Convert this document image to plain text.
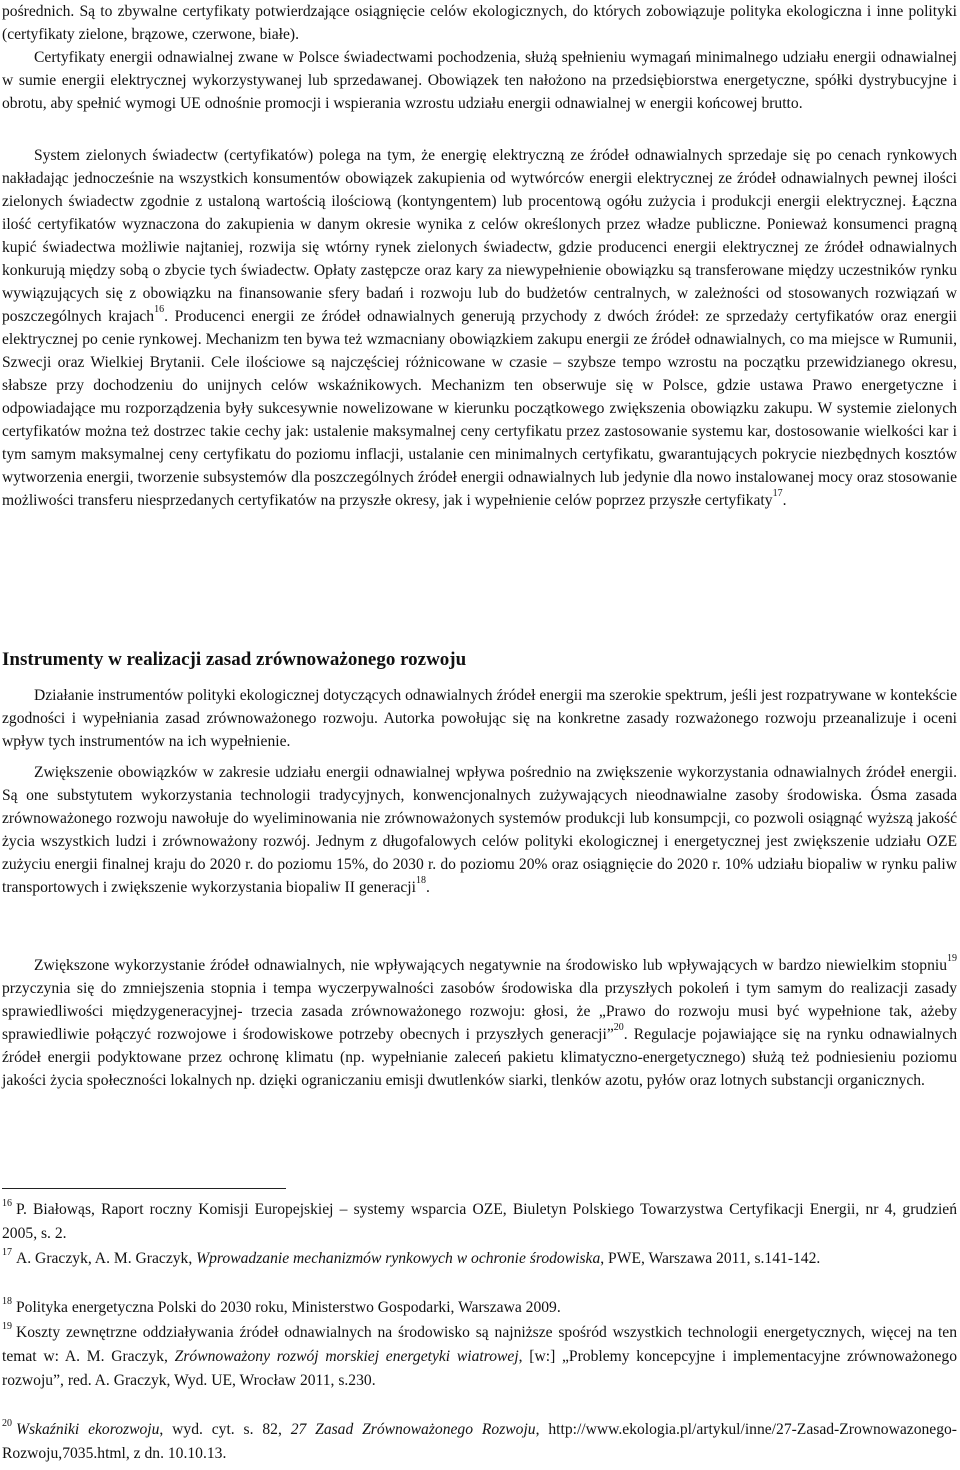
pośrednich. Są to zbywalne certyfikaty potwierdzające osiągnięcie celów ekologicznych, do których zobowiązuje polityka ekologiczna i inne polityki (certyfikaty zielone, brązowe, czerwone, białe).

Certyfikaty energii odnawialnej zwane w Polsce świadectwami pochodzenia, służą spełnieniu wymagań minimalnego udziału energii odnawialnej w sumie energii elektrycznej wykorzystywanej lub sprzedawanej. Obowiązek ten nałożono na przedsiębiorstwa energetyczne, spółki dystrybucyjne i obrotu, aby spełnić wymogi UE odnośnie promocji i wspierania wzrostu udziału energii odnawialnej w energii końcowej brutto.

System zielonych świadectw (certyfikatów) polega na tym, że energię elektryczną ze źródeł odnawialnych sprzedaje się po cenach rynkowych nakładając jednocześnie na wszystkich konsumentów obowiązek zakupienia od wytwórców energii elektrycznej ze źródeł odnawialnych pewnej ilości zielonych świadectw zgodnie z ustaloną wartością ilościową (kontyngentem) lub procentową ogółu zużycia i produkcji energii elektrycznej. Łączna ilość certyfikatów wyznaczona do zakupienia w danym okresie wynika z celów określonych przez władze publiczne. Ponieważ konsumenci pragną kupić świadectwa możliwie najtaniej, rozwija się wtórny rynek zielonych świadectw, gdzie producenci energii elektrycznej ze źródeł odnawialnych konkurują między sobą o zbycie tych świadectw. Opłaty zastępcze oraz kary za niewypełnienie obowiązku są transferowane między uczestników rynku wywiązujących się z obowiązku na finansowanie sfery badań i rozwoju lub do budżetów centralnych, w zależności od stosowanych rozwiązań w poszczególnych krajach$^{16}$. Producenci energii ze źródeł odnawialnych generują przychody z dwóch źródeł: ze sprzedaży certyfikatów oraz energii elektrycznej po cenie rynkowej. Mechanizm ten bywa też wzmacniany obowiązkiem zakupu energii ze źródeł odnawialnych, co ma miejsce w Rumunii, Szwecji oraz Wielkiej Brytanii. Cele ilościowe są najczęściej różnicowane w czasie – szybsze tempo wzrostu na początku przewidzianego okresu, słabsze przy dochodzeniu do unijnych celów wskaźnikowych. Mechanizm ten obserwuje się w Polsce, gdzie ustawa Prawo energetyczne i odpowiadające mu rozporządzenia były sukcesywnie nowelizowane w kierunku początkowego zwiększenia obowiązku zakupu. W systemie zielonych certyfikatów można też dostrzec takie cechy jak: ustalenie maksymalnej ceny certyfikatu przez zastosowanie systemu kar, dostosowanie wielkości kar i tym samym maksymalnej ceny certyfikatu do poziomu inflacji, ustalanie cen minimalnych certyfikatu, gwarantujących pokrycie niezbędnych kosztów wytworzenia energii, tworzenie subsystemów dla poszczególnych źródeł energii odnawialnych lub jedynie dla nowo instalowanej mocy oraz stosowanie możliwości transferu niesprzedanych certyfikatów na przyszłe okresy, jak i wypełnienie celów poprzez przyszłe certyfikaty$^{17}$.

Instrumenty w realizacji zasad zrównoważonego rozwoju

Działanie instrumentów polityki ekologicznej dotyczących odnawialnych źródeł energii ma szerokie spektrum, jeśli jest rozpatrywane w kontekście zgodności i wypełniania zasad zrównoważonego rozwoju. Autorka powołując się na konkretne zasady rozważonego rozwoju przeanalizuje i oceni wpływ tych instrumentów na ich wypełnienie.

Zwiększenie obowiązków w zakresie udziału energii odnawialnej wpływa pośrednio na zwiększenie wykorzystania odnawialnych źródeł energii. Są one substytutem wykorzystania technologii tradycyjnych, konwencjonalnych zużywających nieodnawialne zasoby środowiska. Ósma zasada zrównoważonego rozwoju nawołuje do wyeliminowania nie zrównoważonych systemów produkcji lub konsumpcji, co pozwoli osiągnąć wyższą jakość życia wszystkich ludzi i zrównoważony rozwój. Jednym z długofalowych celów polityki ekologicznej i energetycznej jest zwiększenie udziału OZE zużyciu energii finalnej kraju do 2020 r. do poziomu 15%, do 2030 r. do poziomu 20% oraz osiągnięcie do 2020 r. 10% udziału biopaliw w rynku paliw transportowych i zwiększenie wykorzystania biopaliw II generacji$^{18}$.

Zwiększone wykorzystanie źródeł odnawialnych, nie wpływających negatywnie na środowisko lub wpływających w bardzo niewielkim stopniu$^{19}$ przyczynia się do zmniejszenia stopnia i tempa wyczerpywalności zasobów środowiska dla przyszłych pokoleń i tym samym do realizacji zasady sprawiedliwości międzygeneracyjnej- trzecia zasada zrównoważonego rozwoju: głosi, że „Prawo do rozwoju musi być wypełnione tak, ażeby sprawiedliwie połączyć rozwojowe i środowiskowe potrzeby obecnych i przyszłych generacji”$^{20}$. Regulacje pojawiające się na rynku odnawialnych źródeł energii podyktowane przez ochronę klimatu (np. wypełnianie zaleceń pakietu klimatyczno-energetycznego) służą też podniesieniu poziomu jakości życia społeczności lokalnych np. dzięki ograniczaniu emisji dwutlenków siarki, tlenków azotu, pyłów oraz lotnych substancji organicznych.

$^{16}$ P. Białowąs, Raport roczny Komisji Europejskiej – systemy wsparcia OZE, Biuletyn Polskiego Towarzystwa Certyfikacji Energii, nr 4, grudzień 2005, s. 2.

$^{17}$ A. Graczyk, A. M. Graczyk, Wprowadzanie mechanizmów rynkowych w ochronie środowiska, PWE, Warszawa 2011, s.141-142.

$^{18}$ Polityka energetyczna Polski do 2030 roku, Ministerstwo Gospodarki, Warszawa 2009.

$^{19}$ Koszty zewnętrzne oddziaływania źródeł odnawialnych na środowisko są najniższe spośród wszystkich technologii energetycznych, więcej na ten temat w: A. M. Graczyk, Zrównoważony rozwój morskiej energetyki wiatrowej, [w:] „Problemy koncepcyjne i implementacyjne zrównoważonego rozwoju”, red. A. Graczyk, Wyd. UE, Wrocław 2011, s.230.

$^{20}$ Wskaźniki ekorozwoju, wyd. cyt. s. 82, 27 Zasad Zrównoważonego Rozwoju, http://www.ekologia.pl/artykul/inne/27-Zasad-Zrownowazonego-Rozwoju,7035.html, z dn. 10.10.13.
